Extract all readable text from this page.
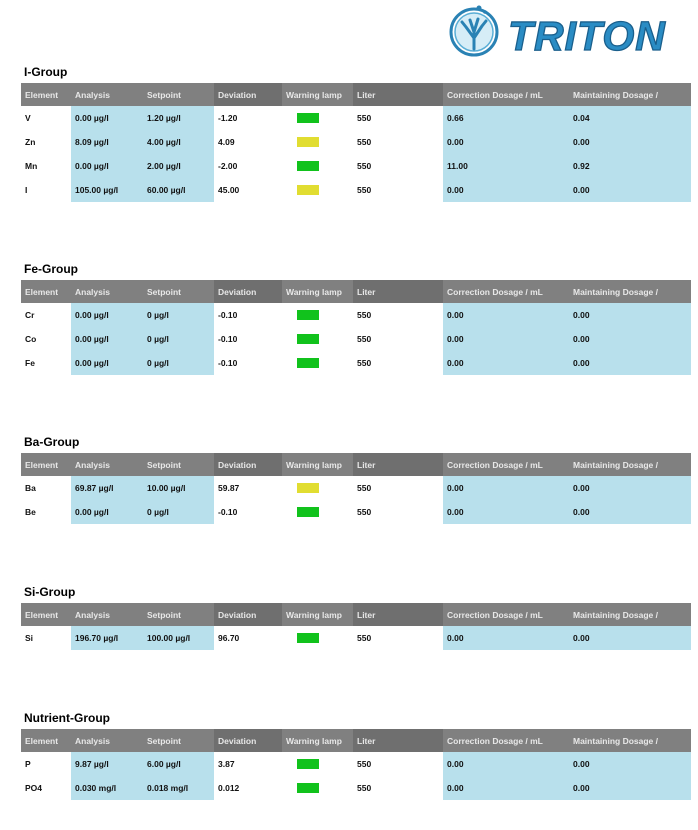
TRITON
I-Group
Element	Analysis	Setpoint	Deviation	Warning lamp	Liter	Correction Dosage / mL	Maintaining Dosage /
V	0.00 µg/l	1.20 µg/l	-1.20		550	0.66	0.04
Zn	8.09 µg/l	4.00 µg/l	4.09		550	0.00	0.00
Mn	0.00 µg/l	2.00 µg/l	-2.00		550	11.00	0.92
I	105.00 µg/l	60.00 µg/l	45.00		550	0.00	0.00
Fe-Group
Element	Analysis	Setpoint	Deviation	Warning lamp	Liter	Correction Dosage / mL	Maintaining Dosage /
Cr	0.00 µg/l	0 µg/l	-0.10		550	0.00	0.00
Co	0.00 µg/l	0 µg/l	-0.10		550	0.00	0.00
Fe	0.00 µg/l	0 µg/l	-0.10		550	0.00	0.00
Ba-Group
Element	Analysis	Setpoint	Deviation	Warning lamp	Liter	Correction Dosage / mL	Maintaining Dosage /
Ba	69.87 µg/l	10.00 µg/l	59.87		550	0.00	0.00
Be	0.00 µg/l	0 µg/l	-0.10		550	0.00	0.00
Si-Group
Element	Analysis	Setpoint	Deviation	Warning lamp	Liter	Correction Dosage / mL	Maintaining Dosage /
Si	196.70 µg/l	100.00 µg/l	96.70		550	0.00	0.00
Nutrient-Group
Element	Analysis	Setpoint	Deviation	Warning lamp	Liter	Correction Dosage / mL	Maintaining Dosage /
P	9.87 µg/l	6.00 µg/l	3.87		550	0.00	0.00
PO4	0.030 mg/l	0.018 mg/l	0.012		550	0.00	0.00
